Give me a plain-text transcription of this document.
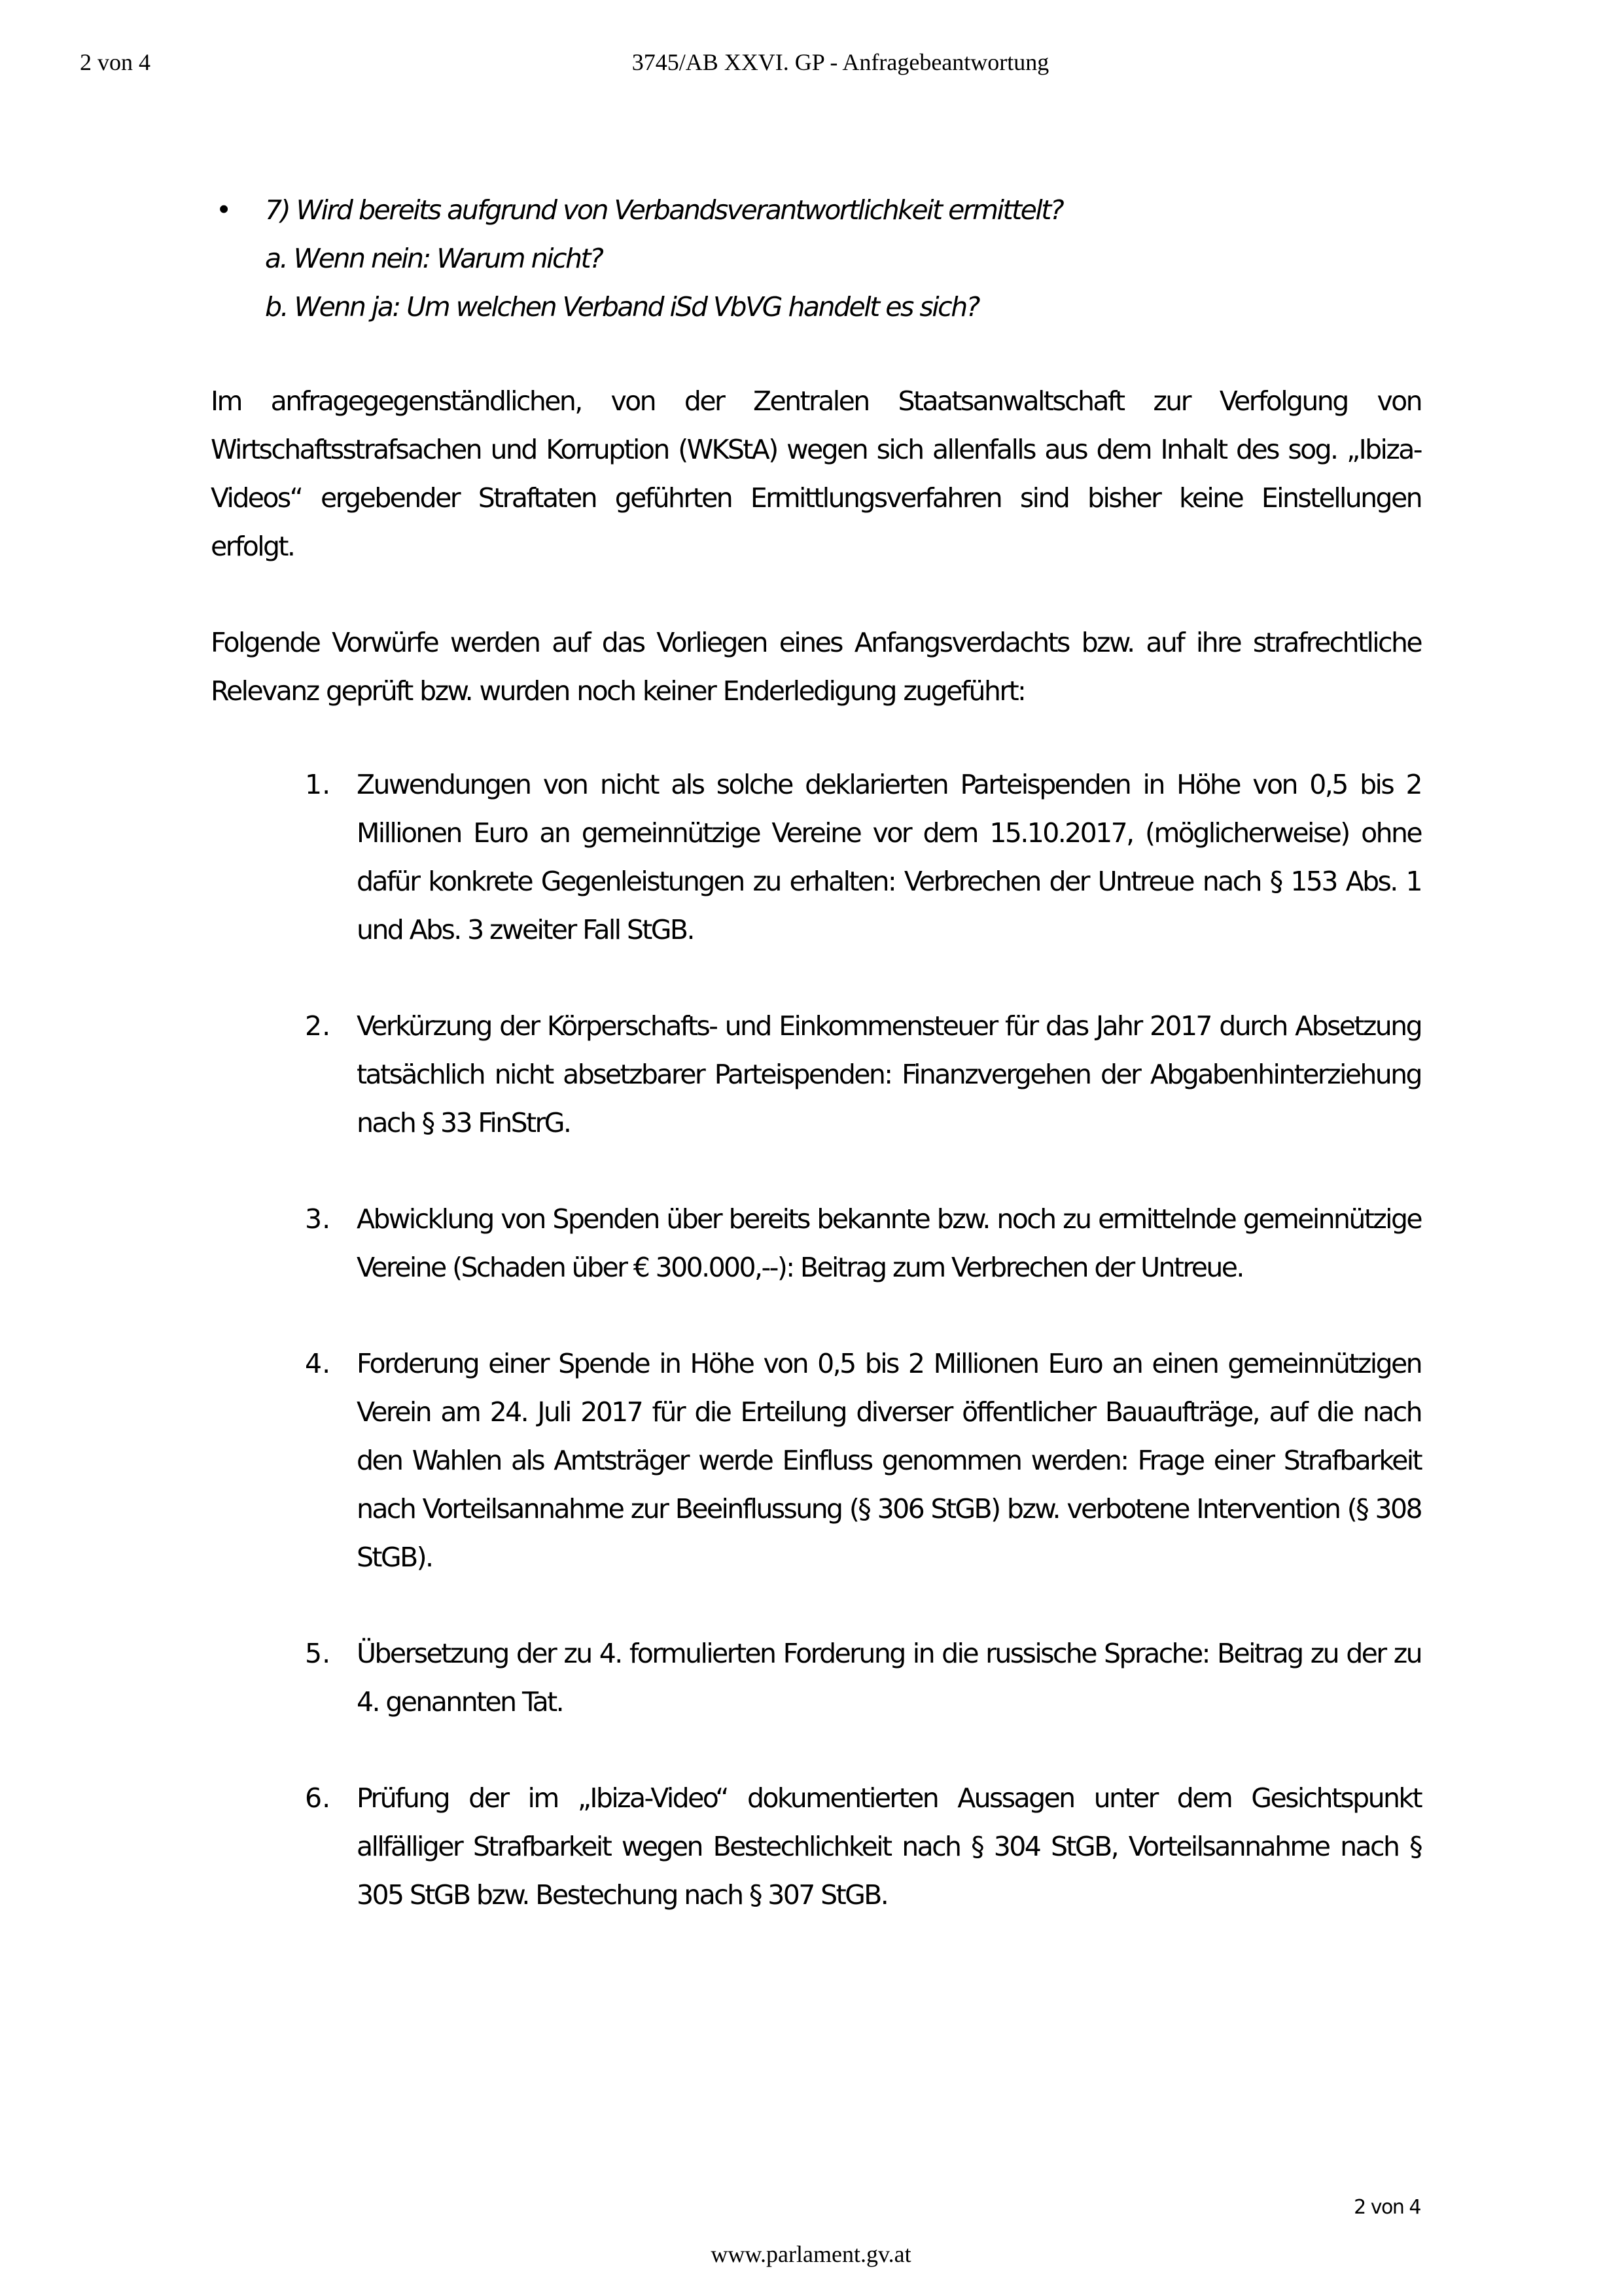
2 von 4	3745/AB XXVI. GP - Anfragebeantwortung
• 7) Wird bereits aufgrund von Verbandsverantwortlichkeit ermittelt?
a. Wenn nein: Warum nicht?
b. Wenn ja: Um welchen Verband iSd VbVG handelt es sich?

Im anfragegegenständlichen, von der Zentralen Staatsanwaltschaft zur Verfolgung von Wirtschaftsstrafsachen und Korruption (WKStA) wegen sich allenfalls aus dem Inhalt des sog. „Ibiza-Videos“ ergebender Straftaten geführten Ermittlungsverfahren sind bisher keine Einstellungen erfolgt.

Folgende Vorwürfe werden auf das Vorliegen eines Anfangsverdachts bzw. auf ihre strafrechtliche Relevanz geprüft bzw. wurden noch keiner Enderledigung zugeführt:

1. Zuwendungen von nicht als solche deklarierten Parteispenden in Höhe von 0,5 bis 2 Millionen Euro an gemeinnützige Vereine vor dem 15.10.2017, (möglicherweise) ohne dafür konkrete Gegenleistungen zu erhalten: Verbrechen der Untreue nach § 153 Abs. 1 und Abs. 3 zweiter Fall StGB.
2. Verkürzung der Körperschafts- und Einkommensteuer für das Jahr 2017 durch Absetzung tatsächlich nicht absetzbarer Parteispenden: Finanzvergehen der Abgabenhinterziehung nach § 33 FinStrG.
3. Abwicklung von Spenden über bereits bekannte bzw. noch zu ermittelnde gemeinnützige Vereine (Schaden über € 300.000,--): Beitrag zum Verbrechen der Untreue.
4. Forderung einer Spende in Höhe von 0,5 bis 2 Millionen Euro an einen gemeinnützigen Verein am 24. Juli 2017 für die Erteilung diverser öffentlicher Bauaufträge, auf die nach den Wahlen als Amtsträger werde Einfluss genommen werden: Frage einer Strafbarkeit nach Vorteilsannahme zur Beeinflussung (§ 306 StGB) bzw. verbotene Intervention (§ 308 StGB).
5. Übersetzung der zu 4. formulierten Forderung in die russische Sprache: Beitrag zu der zu 4. genannten Tat.
6. Prüfung der im „Ibiza-Video“ dokumentierten Aussagen unter dem Gesichtspunkt allfälliger Strafbarkeit wegen Bestechlichkeit nach § 304 StGB, Vorteilsannahme nach § 305 StGB bzw. Bestechung nach § 307 StGB.
2 von 4
www.parlament.gv.at
